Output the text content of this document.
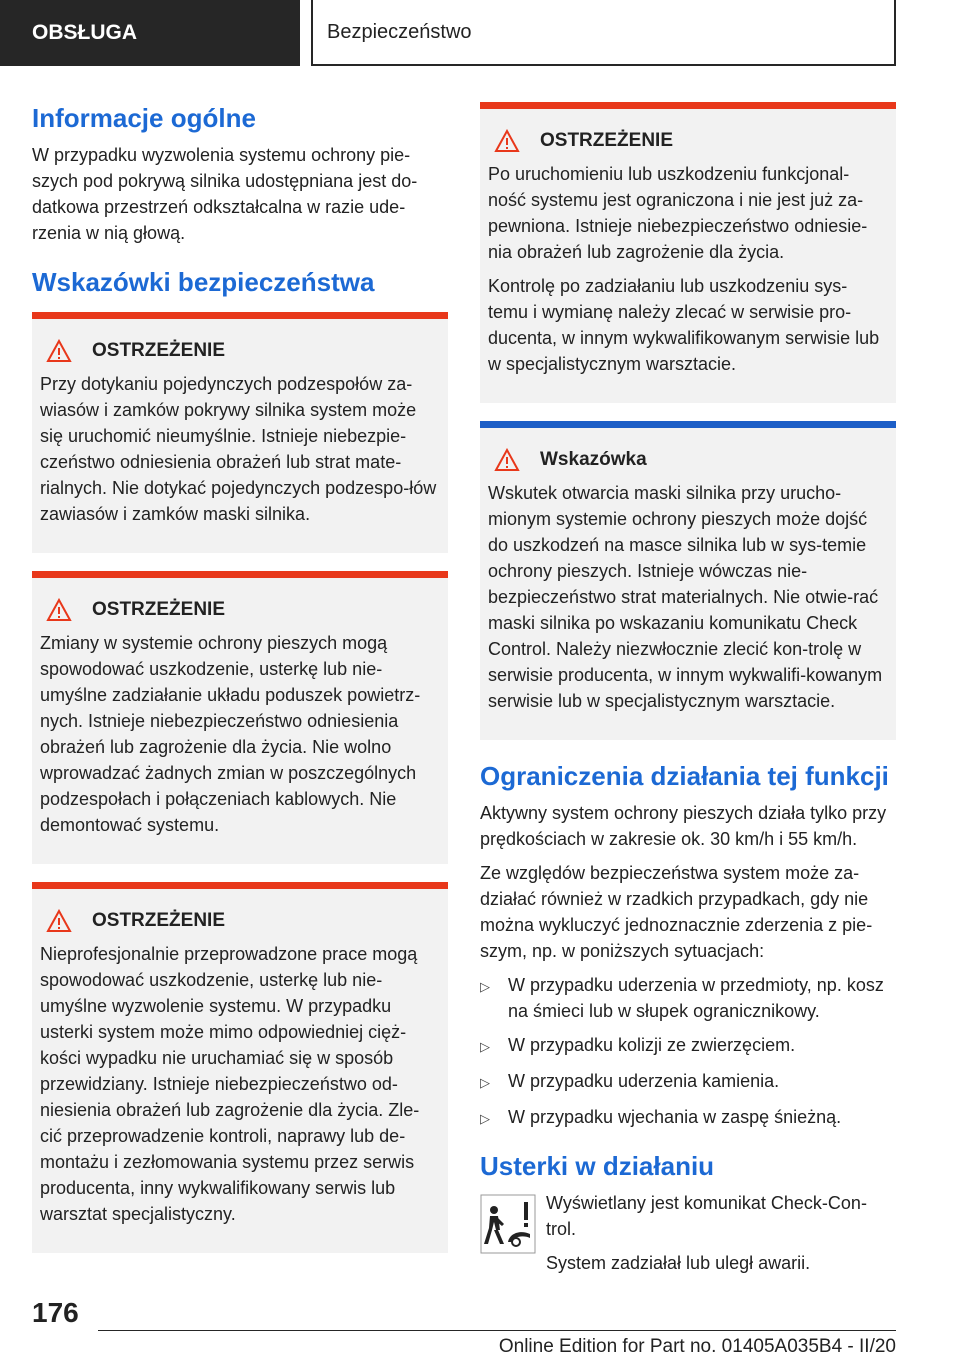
OBSŁUGA	Bezpieczeństwo
Informacje ogólne

W przypadku wyzwolenia systemu ochrony pie-szych pod pokrywą silnika udostępniana jest do-datkowa przestrzeń odkształcalna w razie ude-rzenia w nią głową.

Wskazówki bezpieczeństwa
OSTRZEŻENIE

Przy dotykaniu pojedynczych podzespołów za-wiasów i zamków pokrywy silnika system może się uruchomić nieumyślnie. Istnieje niebezpie-czeństwo odniesienia obrażeń lub strat mate-rialnych. Nie dotykać pojedynczych podzespo-łów zawiasów i zamków maski silnika.

OSTRZEŻENIE

Zmiany w systemie ochrony pieszych mogą spowodować uszkodzenie, usterkę lub nie-umyślne zadziałanie układu poduszek powietrz-nych. Istnieje niebezpieczeństwo odniesienia obrażeń lub zagrożenie dla życia. Nie wolno wprowadzać żadnych zmian w poszczególnych podzespołach i połączeniach kablowych. Nie demontować systemu.

OSTRZEŻENIE

Nieprofesjonalnie przeprowadzone prace mogą spowodować uszkodzenie, usterkę lub nie-umyślne wyzwolenie systemu. W przypadku usterki system może mimo odpowiedniej cięż-kości wypadku nie uruchamiać się w sposób przewidziany. Istnieje niebezpieczeństwo od-niesienia obrażeń lub zagrożenie dla życia. Zle-cić przeprowadzenie kontroli, naprawy lub de-montażu i zezłomowania systemu przez serwis producenta, inny wykwalifikowany serwis lub warsztat specjalistyczny.

OSTRZEŻENIE

Po uruchomieniu lub uszkodzeniu funkcjonal-ność systemu jest ograniczona i nie jest już za-pewniona. Istnieje niebezpieczeństwo odniesie-nia obrażeń lub zagrożenie dla życia.

Kontrolę po zadziałaniu lub uszkodzeniu sys-temu i wymianę należy zlecać w serwisie pro-ducenta, w innym wykwalifikowanym serwisie lub w specjalistycznym warsztacie.

Wskazówka

Wskutek otwarcia maski silnika przy urucho-mionym systemie ochrony pieszych może dojść do uszkodzeń na masce silnika lub w sys-temie ochrony pieszych. Istnieje wówczas nie-bezpieczeństwo strat materialnych. Nie otwie-rać maski silnika po wskazaniu komunikatu Check Control. Należy niezwłocznie zlecić kon-trolę w serwisie producenta, w innym wykwalifi-kowanym serwisie lub w specjalistycznym warsztacie.

Ograniczenia działania tej funkcji

Aktywny system ochrony pieszych działa tylko przy prędkościach w zakresie ok. 30 km/h i 55 km/h.

Ze względów bezpieczeństwa system może za-działać również w rzadkich przypadkach, gdy nie można wykluczyć jednoznacznie zderzenia z pie-szym, np. w poniższych sytuacjach:

▷	W przypadku uderzenia w przedmioty, np. kosz na śmieci lub w słupek ogranicznikowy.
▷	W przypadku kolizji ze zwierzęciem.
▷	W przypadku uderzenia kamienia.
▷	W przypadku wjechania w zaspę śnieżną.
Usterki w działaniu

Wyświetlany jest komunikat Check-Con-trol.

System zadziałał lub uległ awarii.

176
Online Edition for Part no. 01405A035B4 - II/20
